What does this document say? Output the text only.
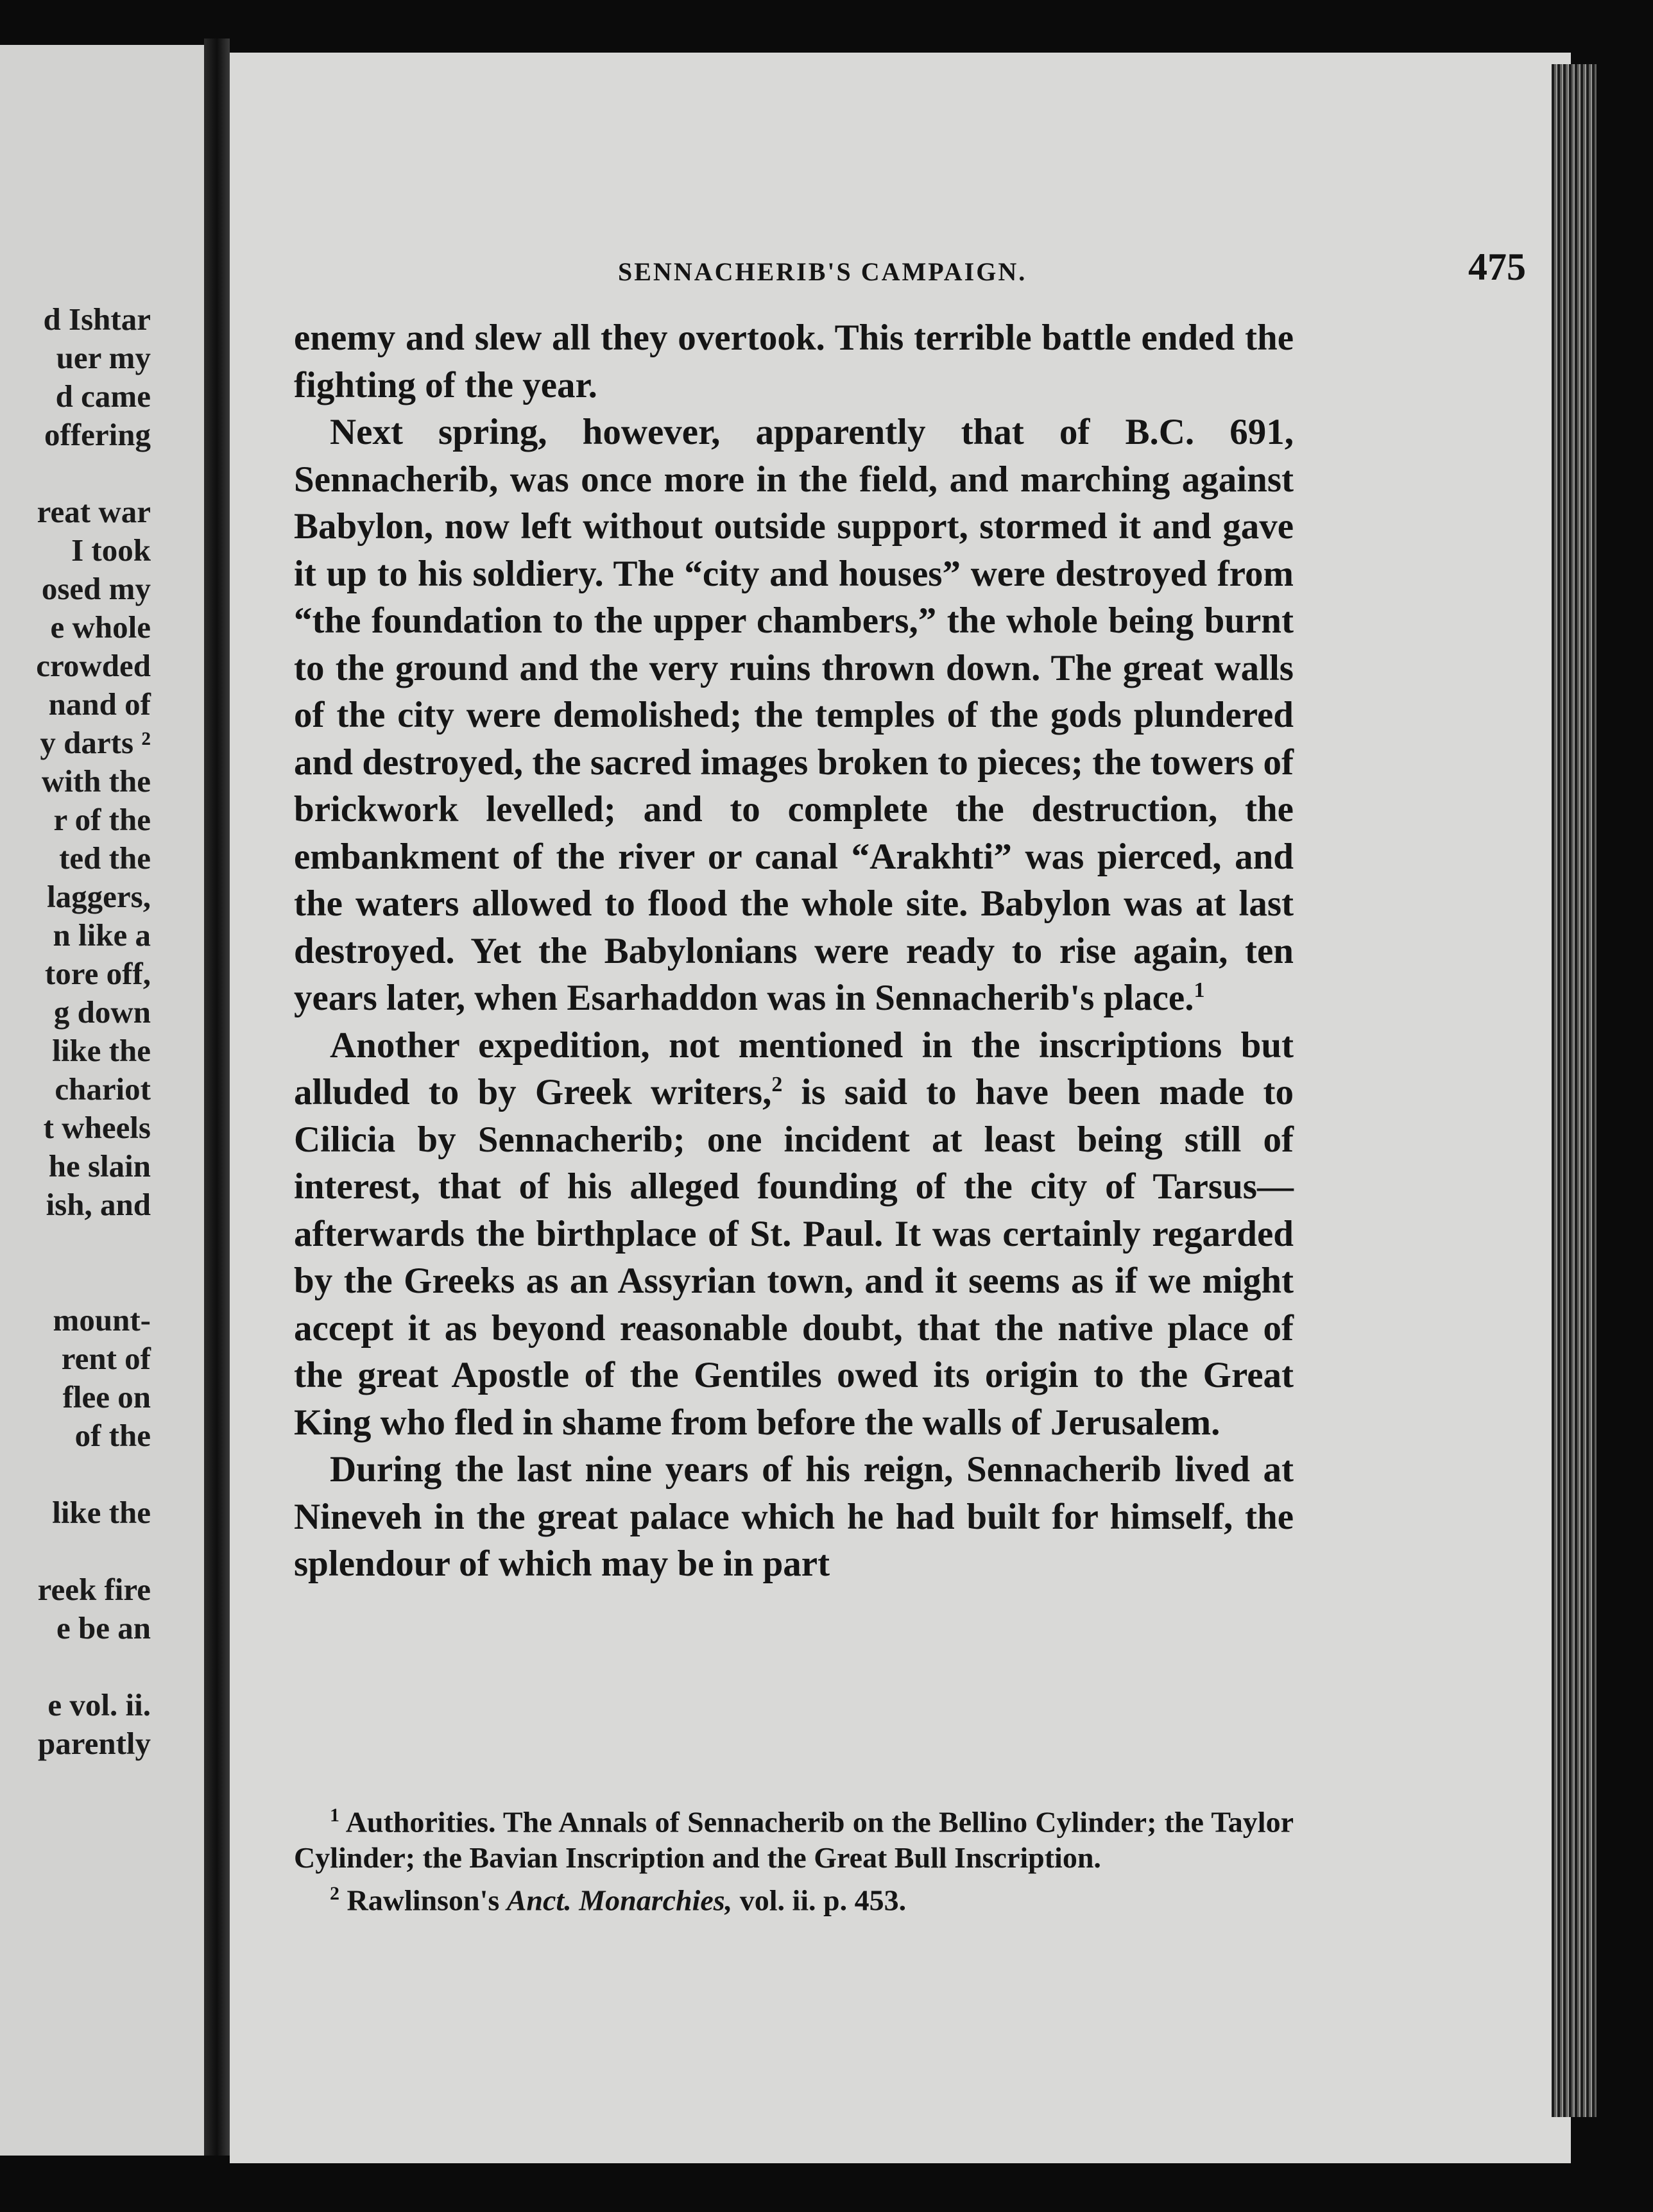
d Ishtar
uer my
d came
offering

reat war
I took
osed my
e whole
crowded
nand of
y darts ²
with the
r of the
ted the
laggers,
n like a
tore off,
g down
like the
chariot
t wheels
he slain
ish, and

mount-
rent of
flee on
of the

like the

reek fire
e be an

e vol. ii.
parently
SENNACHERIB'S CAMPAIGN.	475

enemy and slew all they overtook. This terrible battle ended the fighting of the year.

Next spring, however, apparently that of B.C. 691, Sennacherib, was once more in the field, and marching against Babylon, now left without outside support, stormed it and gave it up to his soldiery. The “city and houses” were destroyed from “the foundation to the upper chambers,” the whole being burnt to the ground and the very ruins thrown down. The great walls of the city were demolished; the temples of the gods plundered and destroyed, the sacred images broken to pieces; the towers of brickwork levelled; and to complete the destruction, the embankment of the river or canal “Arakhti” was pierced, and the waters allowed to flood the whole site. Babylon was at last destroyed. Yet the Babylonians were ready to rise again, ten years later, when Esarhaddon was in Sennacherib's place.$^1$

Another expedition, not mentioned in the inscriptions but alluded to by Greek writers,$^2$ is said to have been made to Cilicia by Sennacherib; one incident at least being still of interest, that of his alleged founding of the city of Tarsus—afterwards the birthplace of St. Paul. It was certainly regarded by the Greeks as an Assyrian town, and it seems as if we might accept it as beyond reasonable doubt, that the native place of the great Apostle of the Gentiles owed its origin to the Great King who fled in shame from before the walls of Jerusalem.

During the last nine years of his reign, Sennacherib lived at Nineveh in the great palace which he had built for himself, the splendour of which may be in part

$^1$ Authorities. The Annals of Sennacherib on the Bellino Cylinder; the Taylor Cylinder; the Bavian Inscription and the Great Bull Inscription.

$^2$ Rawlinson's Anct. Monarchies, vol. ii. p. 453.
